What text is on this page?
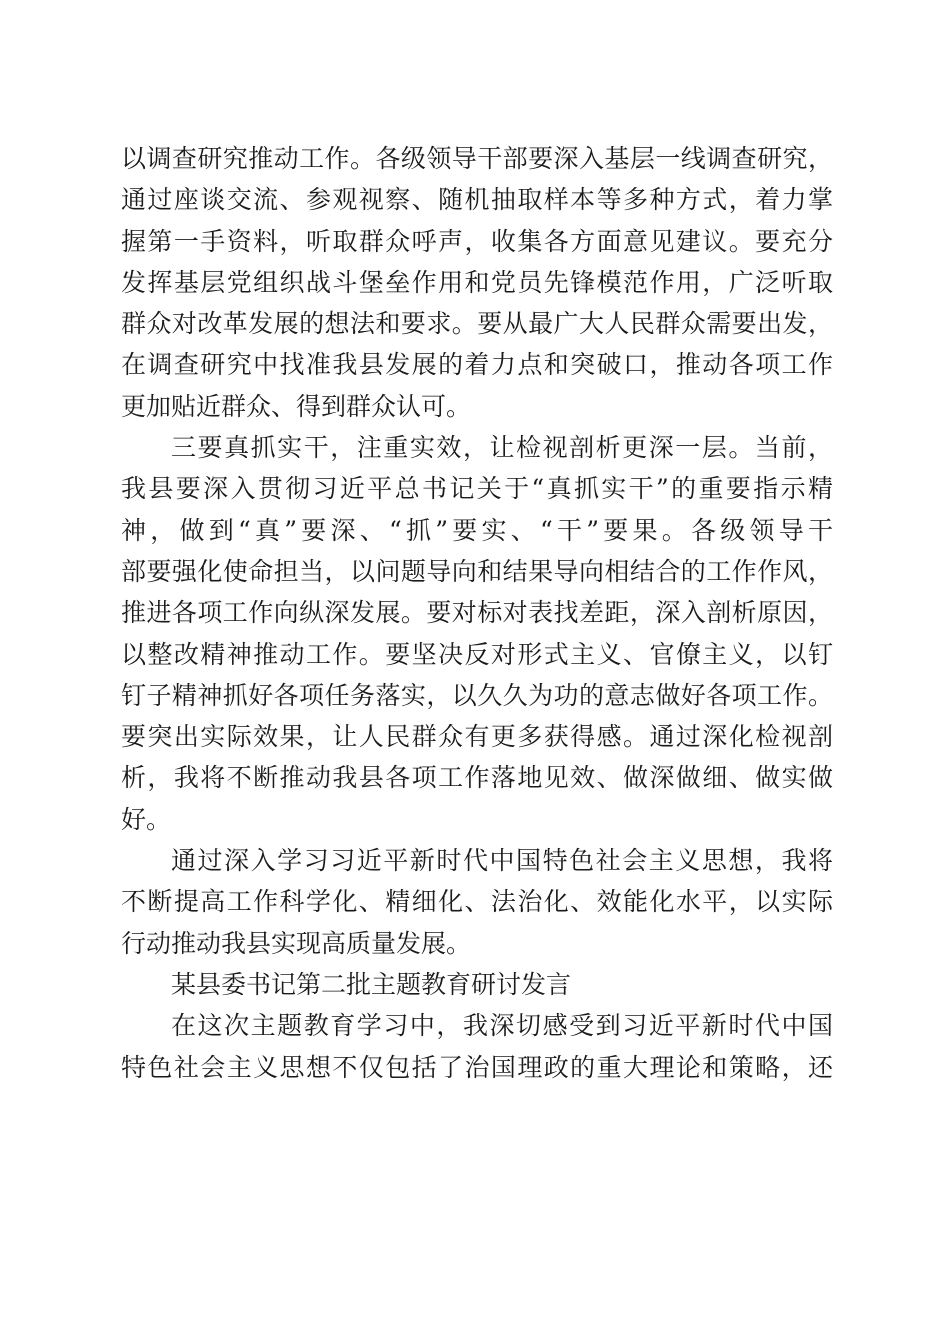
以调查研究推动工作。各级领导干部要深入基层一线调查研究，
通过座谈交流、参观视察、随机抽取样本等多种方式，着力掌
握第一手资料，听取群众呼声，收集各方面意见建议。要充分
发挥基层党组织战斗堡垒作用和党员先锋模范作用，广泛听取
群众对改革发展的想法和要求。要从最广大人民群众需要出发，
在调查研究中找准我县发展的着力点和突破口，推动各项工作
更加贴近群众、得到群众认可。
三要真抓实干，注重实效，让检视剖析更深一层。当前，
我县要深入贯彻习近平总书记关于“真抓实干”的重要指示精
神，做到“真”要深、“抓”要实、“干”要果。各级领导干
部要强化使命担当，以问题导向和结果导向相结合的工作作风，
推进各项工作向纵深发展。要对标对表找差距，深入剖析原因，
以整改精神推动工作。要坚决反对形式主义、官僚主义，以钉
钉子精神抓好各项任务落实，以久久为功的意志做好各项工作。
要突出实际效果，让人民群众有更多获得感。通过深化检视剖
析，我将不断推动我县各项工作落地见效、做深做细、做实做
好。
通过深入学习习近平新时代中国特色社会主义思想，我将
不断提高工作科学化、精细化、法治化、效能化水平，以实际
行动推动我县实现高质量发展。
某县委书记第二批主题教育研讨发言
在这次主题教育学习中，我深切感受到习近平新时代中国
特色社会主义思想不仅包括了治国理政的重大理论和策略，还
